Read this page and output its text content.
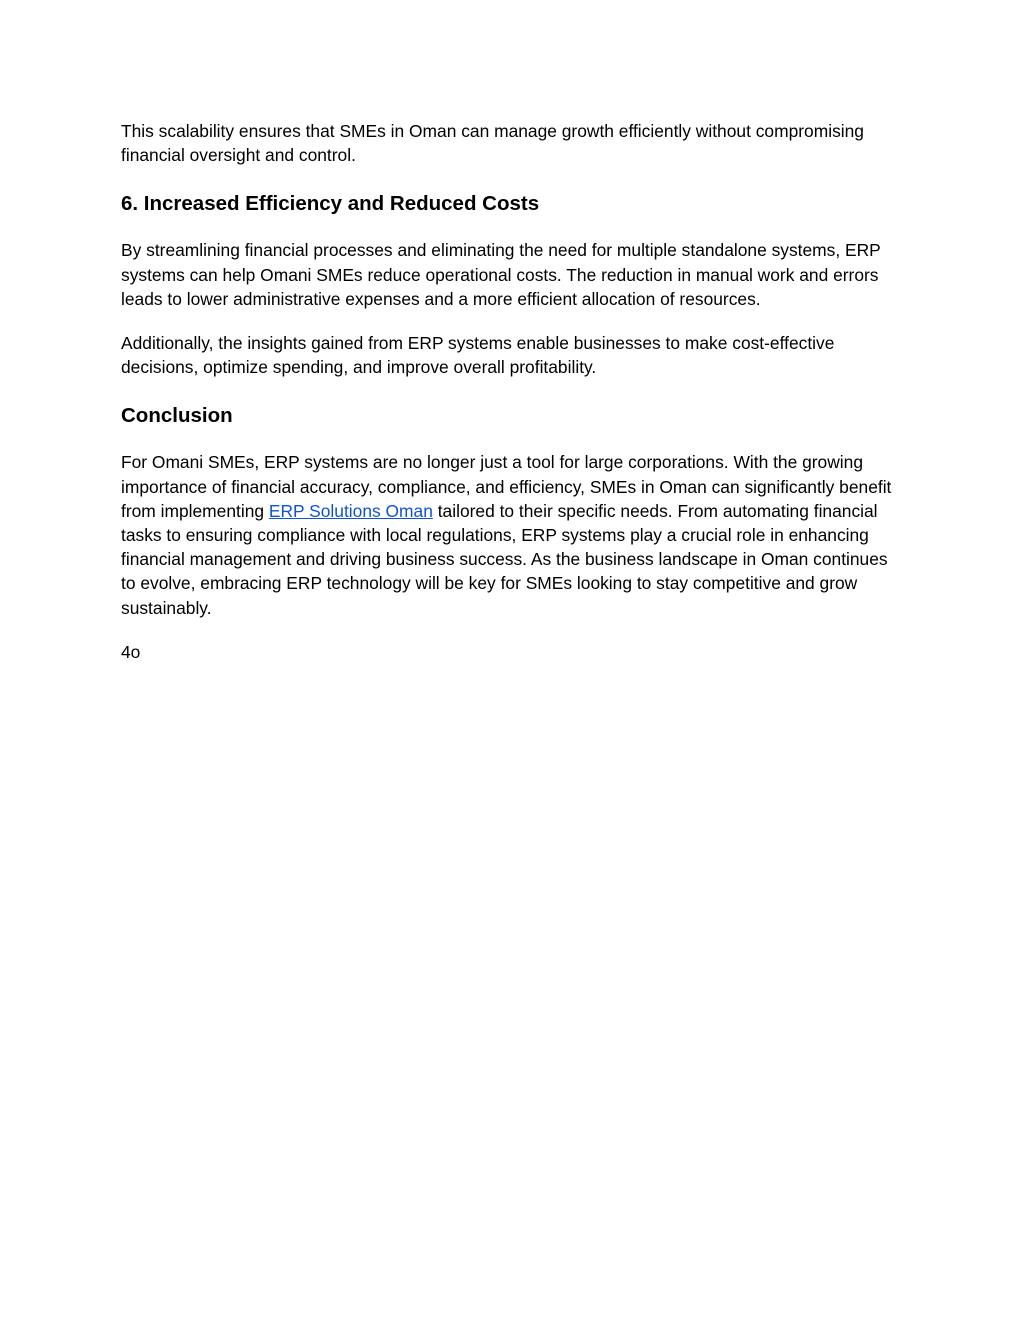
This scalability ensures that SMEs in Oman can manage growth efficiently without compromising financial oversight and control.

6. Increased Efficiency and Reduced Costs

By streamlining financial processes and eliminating the need for multiple standalone systems, ERP systems can help Omani SMEs reduce operational costs. The reduction in manual work and errors leads to lower administrative expenses and a more efficient allocation of resources.

Additionally, the insights gained from ERP systems enable businesses to make cost-effective decisions, optimize spending, and improve overall profitability.

Conclusion

For Omani SMEs, ERP systems are no longer just a tool for large corporations. With the growing importance of financial accuracy, compliance, and efficiency, SMEs in Oman can significantly benefit from implementing ERP Solutions Oman tailored to their specific needs. From automating financial tasks to ensuring compliance with local regulations, ERP systems play a crucial role in enhancing financial management and driving business success. As the business landscape in Oman continues to evolve, embracing ERP technology will be key for SMEs looking to stay competitive and grow sustainably.

4o
